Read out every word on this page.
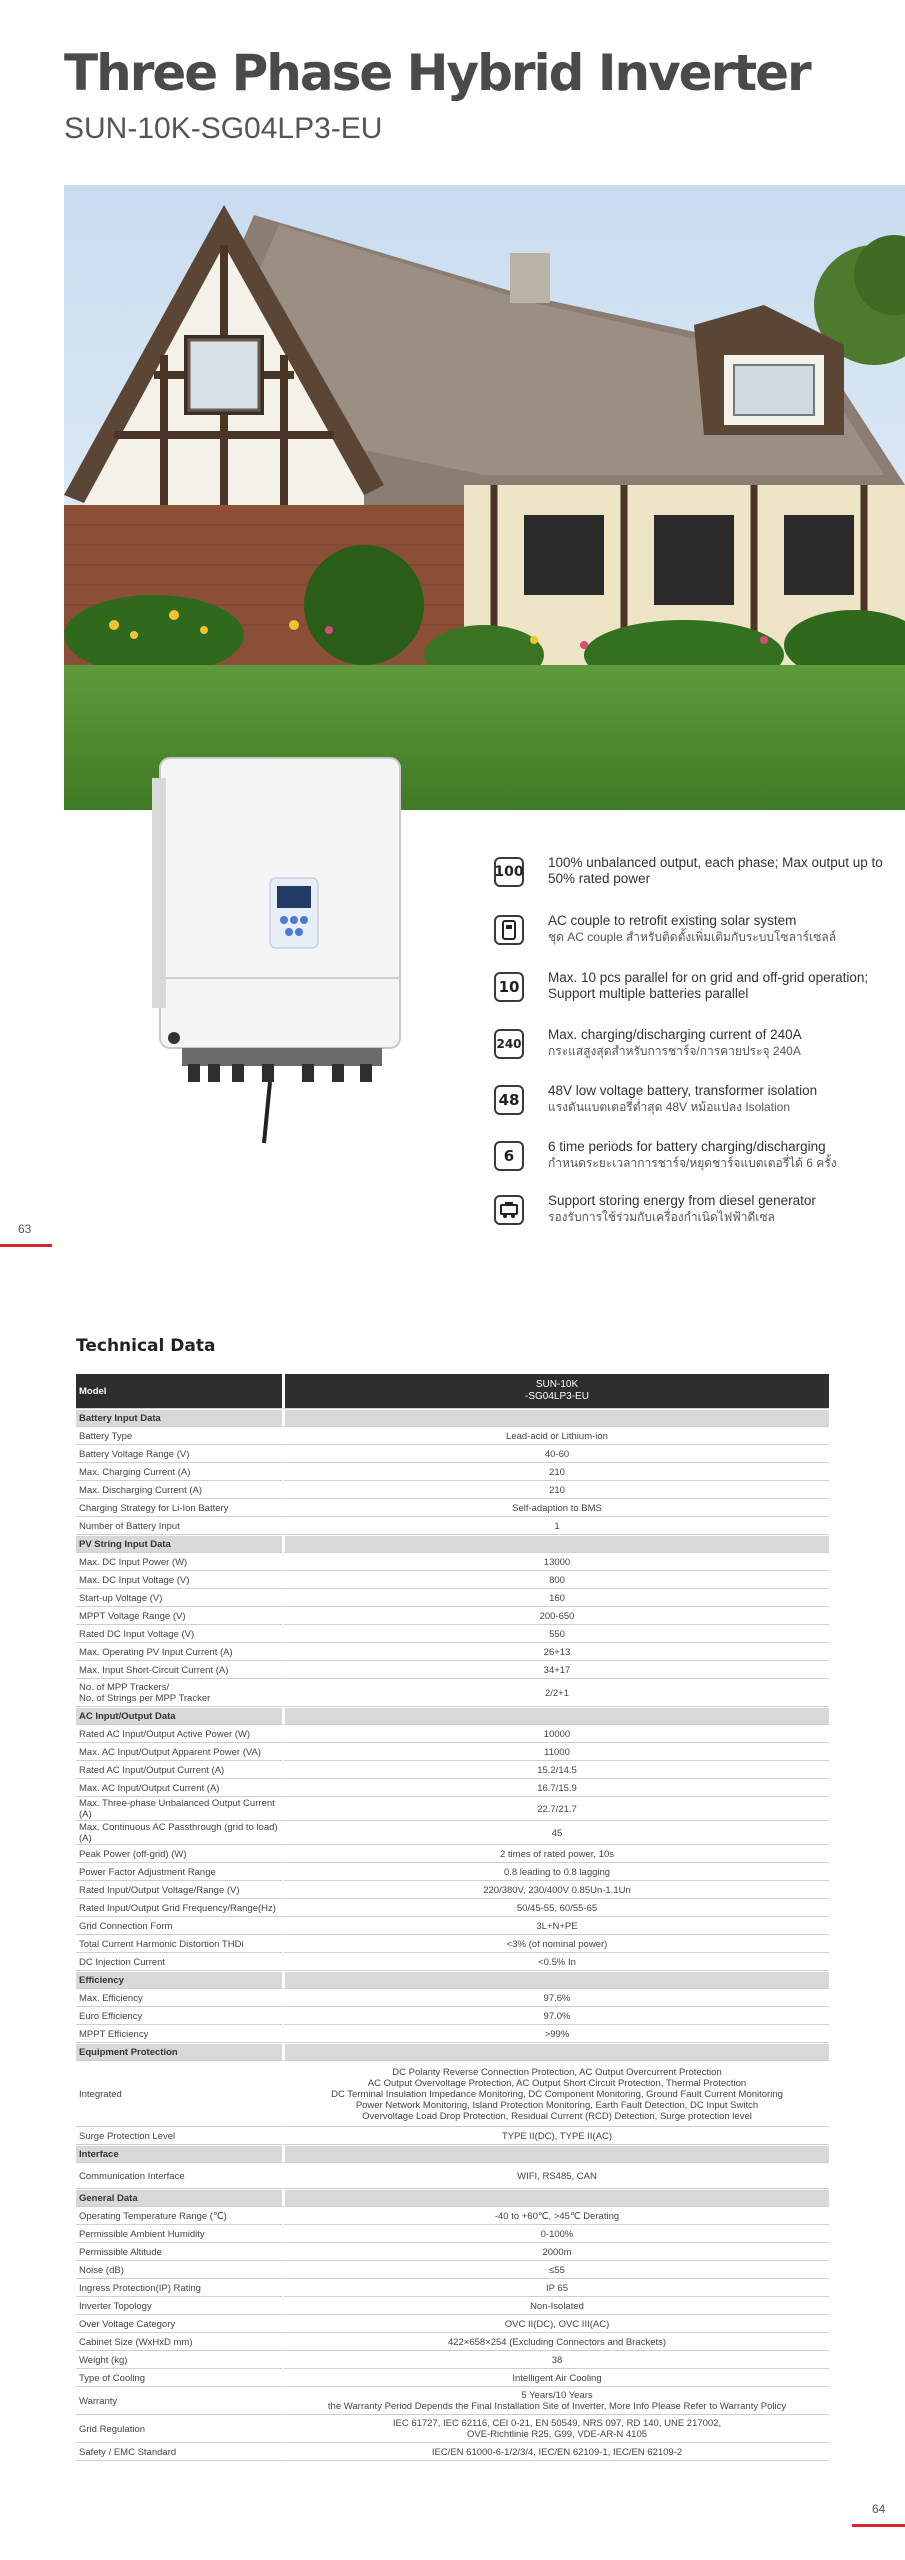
Three Phase Hybrid Inverter
SUN-10K-SG04LP3-EU
100
100% unbalanced output, each phase; Max output up to 50% rated power
AC couple to retrofit existing solar system
ชุด AC couple สำหรับติดตั้งเพิ่มเติมกับระบบโซลาร์เซลล์
10
Max. 10 pcs parallel for on grid and off-grid operation; Support multiple batteries parallel
240
Max. charging/discharging current of 240A
กระแสสูงสุดสำหรับการชาร์จ/การคายประจุ 240A
48
48V low voltage battery, transformer isolation
แรงดันแบตเตอรี่ต่ำสุด 48V หม้อแปลง Isolation
6
6 time periods for battery charging/discharging
กำหนดระยะเวลาการชาร์จ/หยุดชาร์จแบตเตอรี่ได้ 6 ครั้ง
Support storing energy from diesel generator
รองรับการใช้ร่วมกับเครื่องกำเนิดไฟฟ้าดีเซล
63
Technical Data
Model	SUN-10K
-SG04LP3-EU
Battery Input Data	
Battery Type	Lead-acid or Lithium-ion
Battery Voltage Range (V)	40-60
Max. Charging Current (A)	210
Max. Discharging Current (A)	210
Charging Strategy for Li-Ion Battery	Self-adaption to BMS
Number of Battery Input	1
PV String Input Data	
Max. DC Input Power (W)	13000
Max. DC Input Voltage (V)	800
Start-up Voltage (V)	160
MPPT Voltage Range (V)	200-650
Rated DC Input Voltage (V)	550
Max. Operating PV Input Current (A)	26+13
Max. Input Short-Circuit Current (A)	34+17
No. of MPP Trackers/
No. of Strings per MPP Tracker	2/2+1
AC Input/Output Data	
Rated AC Input/Output Active Power (W)	10000
Max. AC Input/Output Apparent Power (VA)	11000
Rated AC Input/Output Current (A)	15.2/14.5
Max. AC Input/Output Current (A)	16.7/15.9
Max. Three-phase Unbalanced Output Current (A)	22.7/21.7
Max. Continuous AC Passthrough (grid to load) (A)	45
Peak Power (off-grid) (W)	2 times of rated power, 10s
Power Factor Adjustment Range	0.8 leading to 0.8 lagging
Rated Input/Output Voltage/Range (V)	220/380V, 230/400V 0.85Un-1.1Un
Rated Input/Output Grid Frequency/Range(Hz)	50/45-55, 60/55-65
Grid Connection Form	3L+N+PE
Total Current Harmonic Distortion THDi	<3% (of nominal power)
DC Injection Current	<0.5% In
Efficiency	
Max. Efficiency	97.6%
Euro Efficiency	97.0%
MPPT Efficiency	>99%
Equipment Protection	
Integrated	DC Polarity Reverse Connection Protection, AC Output Overcurrent Protection
AC Output Overvoltage Protection, AC Output Short Circuit Protection, Thermal Protection
DC Terminal Insulation Impedance Monitoring, DC Component Monitoring, Ground Fault Current Monitoring
Power Network Monitoring, Island Protection Monitoring, Earth Fault Detection, DC Input Switch
Overvoltage Load Drop Protection, Residual Current (RCD) Detection, Surge protection level
Surge Protection Level	TYPE II(DC), TYPE II(AC)
Interface	
Communication Interface	WIFI, RS485, CAN
General Data	
Operating Temperature Range (℃)	-40 to +60℃, >45℃ Derating
Permissible Ambient Humidity	0-100%
Permissible Altitude	2000m
Noise (dB)	≤55
Ingress Protection(IP) Rating	IP 65
Inverter Topology	Non-Isolated
Over Voltage Category	OVC II(DC), OVC III(AC)
Cabinet Size (WxHxD mm)	422×658×254 (Excluding Connectors and Brackets)
Weight (kg)	38
Type of Cooling	Intelligent Air Cooling
Warranty	5 Years/10 Years
the Warranty Period Depends the Final Installation Site of Inverter, More Info Please Refer to Warranty Policy
Grid Regulation	IEC 61727, IEC 62116, CEI 0-21, EN 50549, NRS 097, RD 140, UNE 217002,
OVE-Richtlinie R25, G99, VDE-AR-N 4105
Safety / EMC Standard	IEC/EN 61000-6-1/2/3/4, IEC/EN 62109-1, IEC/EN 62109-2
64
